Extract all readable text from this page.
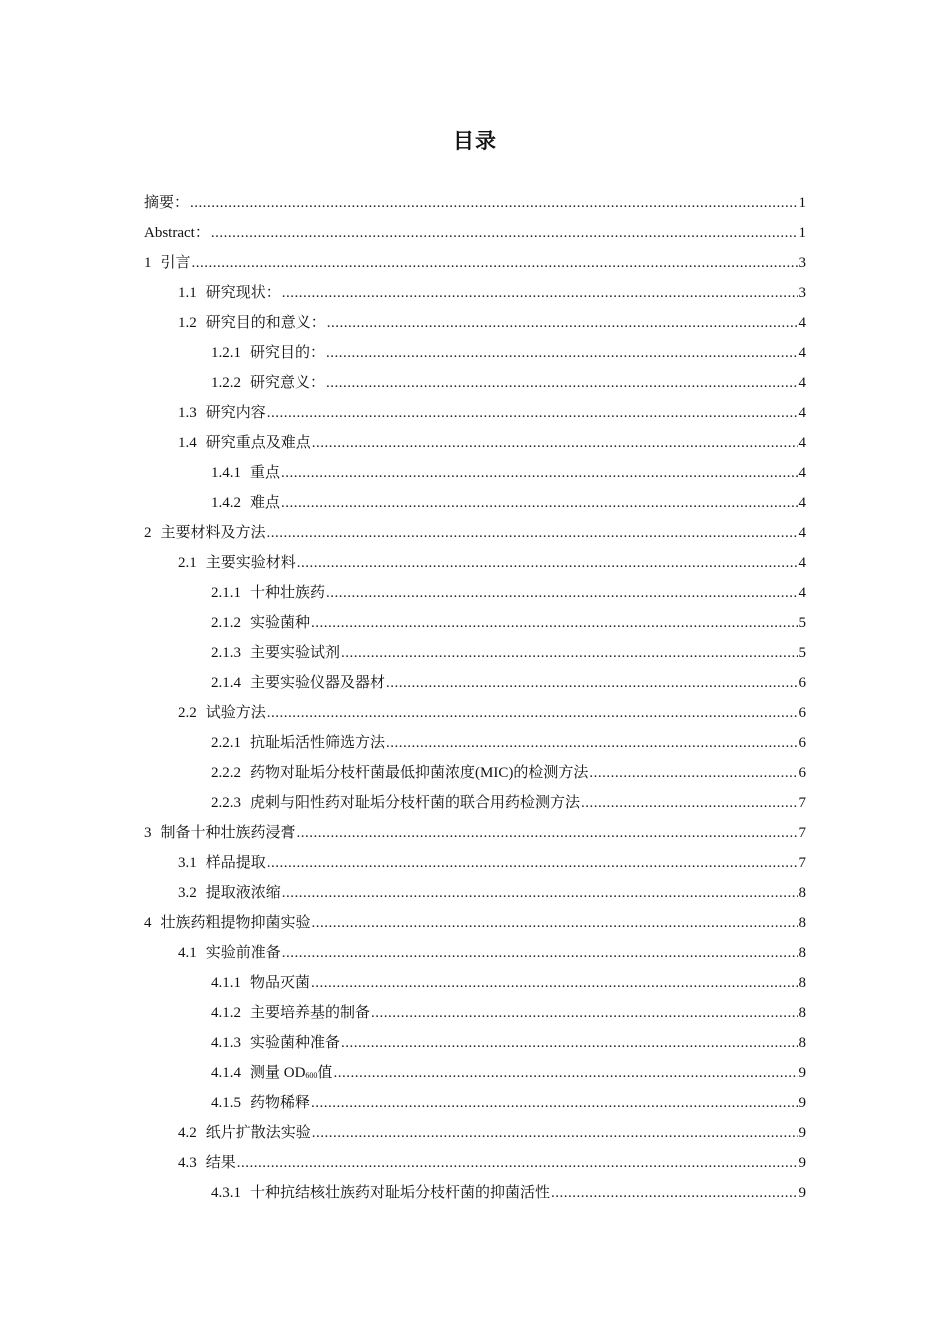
目录
摘要： .....	1
Abstract： .....	1
1 引言 .....	3
1.1 研究现状： .....	3
1.2 研究目的和意义： .....	4
1.2.1 研究目的： .....	4
1.2.2 研究意义： .....	4
1.3 研究内容 .....	4
1.4 研究重点及难点 .....	4
1.4.1 重点 .....	4
1.4.2 难点 .....	4
2 主要材料及方法 .....	4
2.1 主要实验材料 .....	4
2.1.1 十种壮族药 .....	4
2.1.2 实验菌种 .....	5
2.1.3 主要实验试剂 .....	5
2.1.4 主要实验仪器及器材 .....	6
2.2 试验方法 .....	6
2.2.1 抗耻垢活性筛选方法 .....	6
2.2.2 药物对耻垢分枝杆菌最低抑菌浓度(MIC)的检测方法 .....	6
2.2.3 虎刺与阳性药对耻垢分枝杆菌的联合用药检测方法 .....	7
3 制备十种壮族药浸膏 .....	7
3.1 样品提取 .....	7
3.2 提取液浓缩 .....	8
4 壮族药粗提物抑菌实验 .....	8
4.1 实验前准备 .....	8
4.1.1 物品灭菌 .....	8
4.1.2 主要培养基的制备 .....	8
4.1.3 实验菌种准备 .....	8
4.1.4 测量 $OD_{600}$值 .....	9
4.1.5 药物稀释 .....	9
4.2 纸片扩散法实验 .....	9
4.3 结果 .....	9
4.3.1 十种抗结核壮族药对耻垢分枝杆菌的抑菌活性 .....	9
